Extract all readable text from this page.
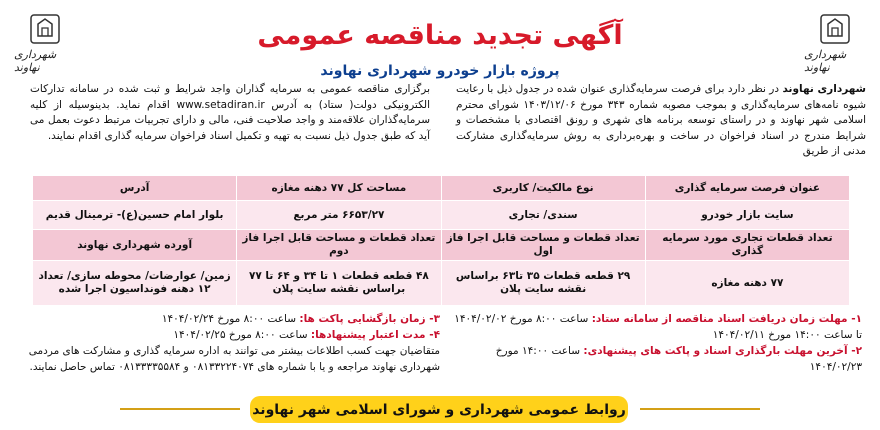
شهرداری نهاوند
شهرداری نهاوند
آگهی تجدید مناقصه عمومی
پروژه بازار خودرو شهرداری نهاوند
شهرداری نهاوند در نظر دارد برای فرصت سرمایه‌گذاری عنوان شده در جدول ذیل با رعایت شیوه نامه‌های سرمایه‌گذاری و بموجب مصوبه شماره ۳۴۳ مورخ ۱۴۰۳/۱۲/۰۶ شورای محترم اسلامی شهر نهاوند و در راستای توسعه برنامه های شهری و رونق اقتصادی با مشخصات و شرایط مندرج در اسناد فراخوان در ساخت و بهره‌برداری به روش سرمایه‌گذاری مشارکت مدنی از طریق
برگزاری مناقصه عمومی به سرمایه گذاران واجد شرایط و ثبت شده در سامانه تدارکات الکترونیکی دولت( ستاد) به آدرس www.setadiran.ir اقدام نماید. بدینوسیله از کلیه سرمایه‌گذاران علاقه‌مند و واجد صلاحیت فنی، مالی و دارای تجربیات مرتبط دعوت بعمل می آید که طبق جدول ذیل نسبت به تهیه و تکمیل اسناد فراخوان سرمایه گذاری اقدام نمایند.
عنوان فرصت سرمایه گذاری	نوع مالکیت/ کاربری	مساحت کل ۷۷ دهنه مغازه	آدرس
سایت بازار خودرو	سندی/ تجاری	۶۶۵۳/۲۷ متر مربع	بلوار امام حسین(ع)- ترمینال قدیم
تعداد قطعات تجاری مورد سرمایه گذاری	تعداد قطعات و مساحت قابل اجرا فاز اول	تعداد قطعات و مساحت قابل اجرا فاز دوم	آورده شهرداری نهاوند
۷۷ دهنه مغازه	۲۹ قطعه قطعات ۳۵ تا۶۳ براساس نقشه سایت پلان	۴۸ قطعه قطعات ۱ تا ۳۴ و ۶۴ تا ۷۷ براساس نقشه سایت پلان	زمین/ عوارضات/ محوطه سازی/ تعداد ۱۲ دهنه فونداسیون اجرا شده
۱- مهلت زمان دریافت اسناد مناقصه از سامانه ستاد: ساعت ۸:۰۰ مورخ ۱۴۰۴/۰۲/۰۲
تا ساعت ۱۴:۰۰ مورخ ۱۴۰۴/۰۲/۱۱
۲- آخرین مهلت بارگذاری اسناد و پاکت های پیشنهادی: ساعت ۱۴:۰۰ مورخ
۱۴۰۴/۰۲/۲۳
۳- زمان بازگشایی پاکت ها: ساعت ۸:۰۰ مورخ ۱۴۰۴/۰۲/۲۴
۴- مدت اعتبار پیشنهادها: ساعت ۸:۰۰ مورخ ۱۴۰۴/۰۲/۲۵
متقاضیان جهت کسب اطلاعات بیشتر می توانند به اداره سرمایه گذاری و مشارکت های مردمی شهرداری نهاوند مراجعه و یا با شماره های ۰۸۱۳۳۲۲۴۰۷۴ و ۰۸۱۳۳۳۳۵۵۸۴ تماس حاصل نمایند.
روابط عمومی شهرداری و شورای اسلامی شهر نهاوند
